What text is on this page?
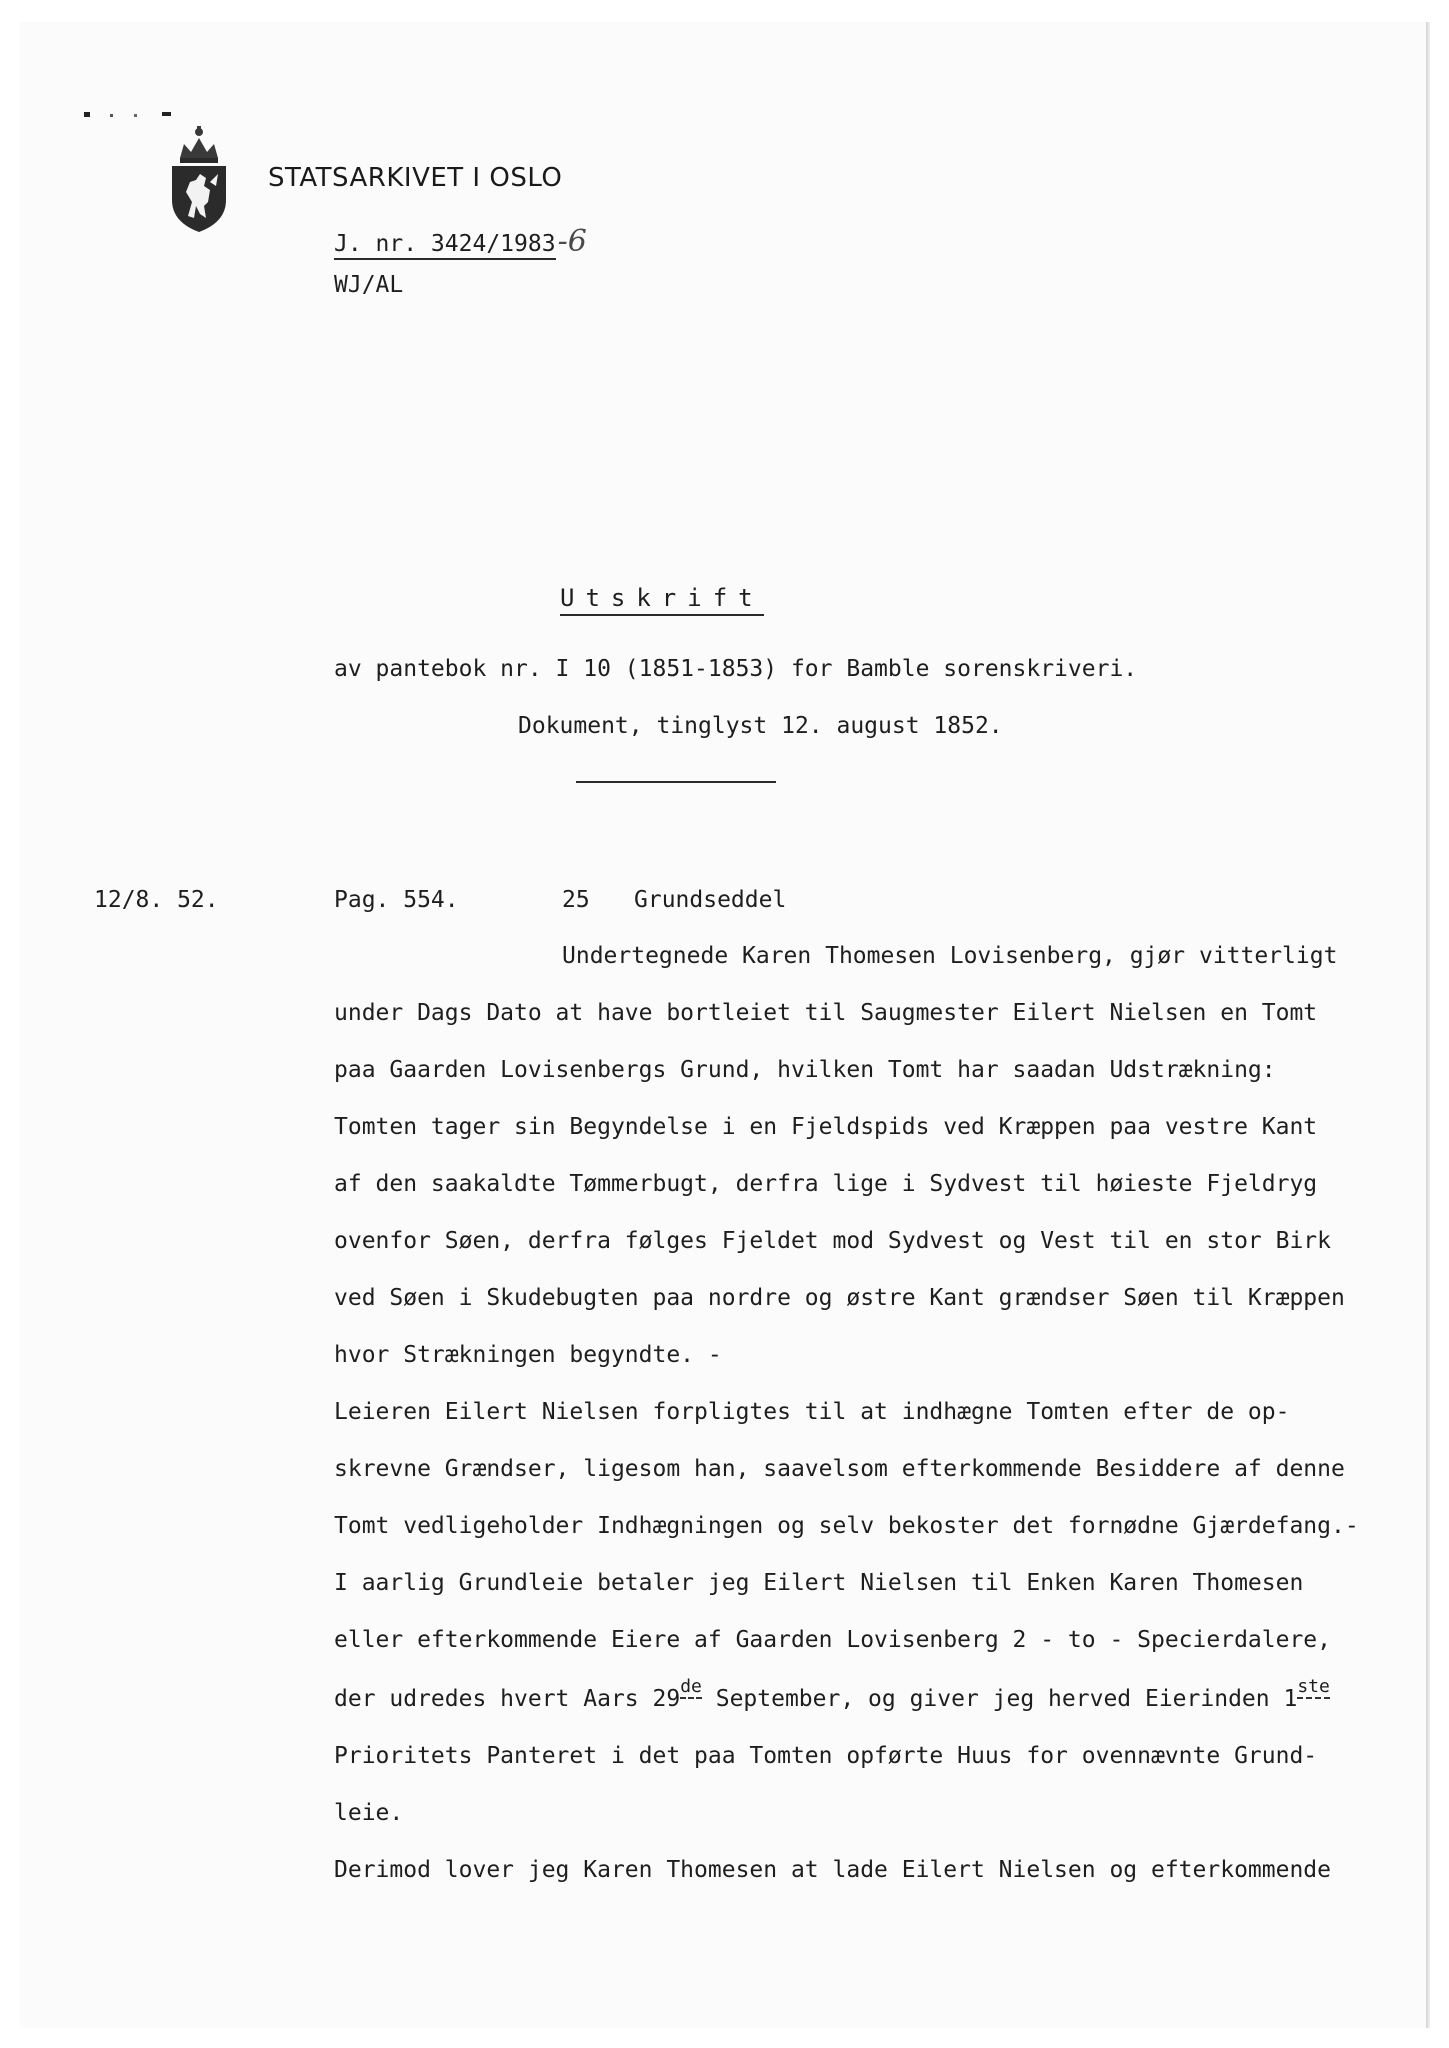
STATSARKIVET I OSLO
J. nr. 3424/1983-6
WJ/AL
Utskrift
av pantebok nr. I 10 (1851-1853) for Bamble sorenskriveri.
Dokument, tinglyst 12. august 1852.
12/8. 52.	Pag. 554.	25 Grundseddel
Undertegnede Karen Thomesen Lovisenberg, gjør vitterligt
under Dags Dato at have bortleiet til Saugmester Eilert Nielsen en Tomt
paa Gaarden Lovisenbergs Grund, hvilken Tomt har saadan Udstrækning:
Tomten tager sin Begyndelse i en Fjeldspids ved Kræppen paa vestre Kant
af den saakaldte Tømmerbugt, derfra lige i Sydvest til høieste Fjeldryg
ovenfor Søen, derfra følges Fjeldet mod Sydvest og Vest til en stor Birk
ved Søen i Skudebugten paa nordre og østre Kant grændser Søen til Kræppen
hvor Strækningen begyndte. -
Leieren Eilert Nielsen forpligtes til at indhægne Tomten efter de op-
skrevne Grændser, ligesom han, saavelsom efterkommende Besiddere af denne
Tomt vedligeholder Indhægningen og selv bekoster det fornødne Gjærdefang.-
I aarlig Grundleie betaler jeg Eilert Nielsen til Enken Karen Thomesen
eller efterkommende Eiere af Gaarden Lovisenberg 2 - to - Specierdalere,
der udredes hvert Aars 29de September, og giver jeg herved Eierinden 1ste
Prioritets Panteret i det paa Tomten opførte Huus for ovennævnte Grund-
leie.
Derimod lover jeg Karen Thomesen at lade Eilert Nielsen og efterkommende
